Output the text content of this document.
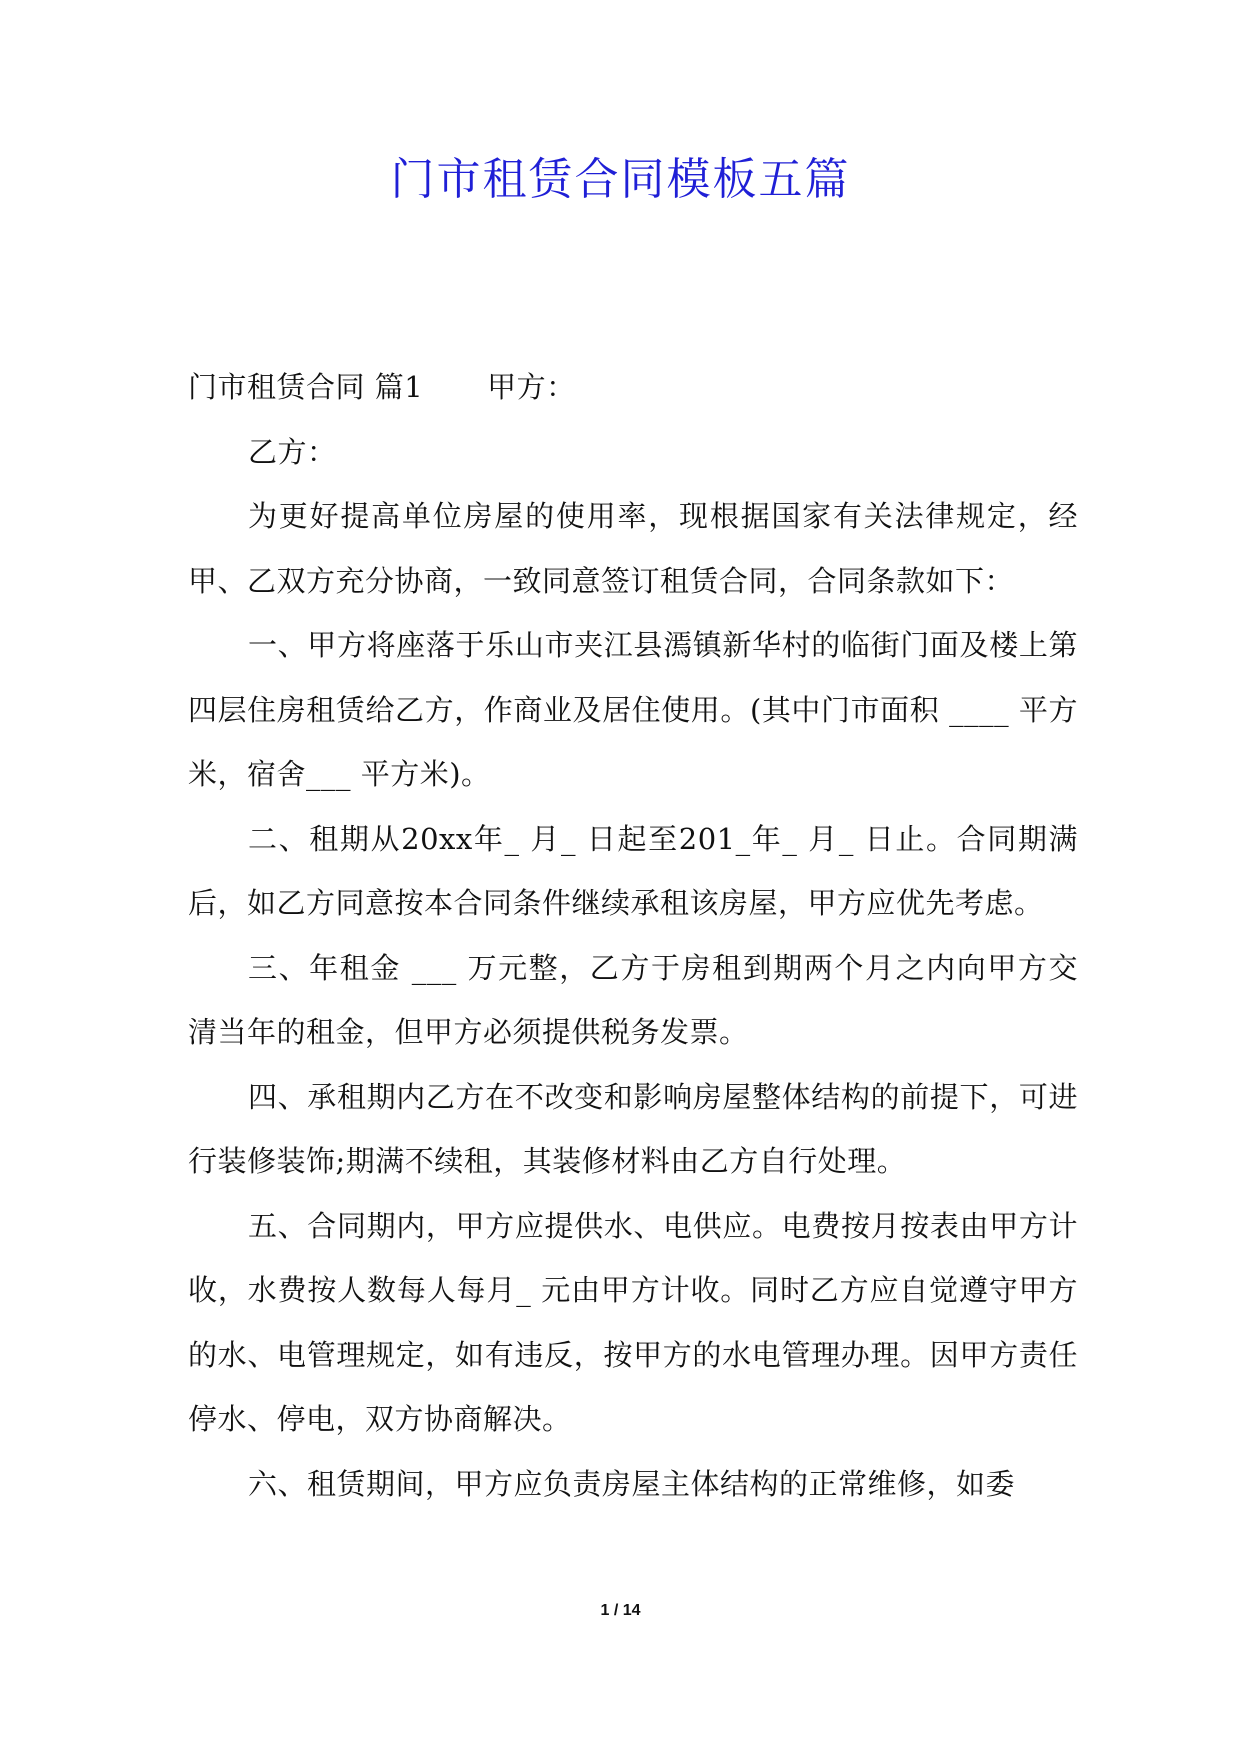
门市租赁合同模板五篇

门市租赁合同 篇1 甲方：

乙方：

为更好提高单位房屋的使用率，现根据国家有关法律规定，经甲、乙双方充分协商，一致同意签订租赁合同，合同条款如下：

一、甲方将座落于乐山市夹江县漹镇新华村的临街门面及楼上第四层住房租赁给乙方，作商业及居住使用。(其中门市面积 ____ 平方米，宿舍___ 平方米)。

二、租期从20xx年_ 月_ 日起至201_年_ 月_ 日止。合同期满后，如乙方同意按本合同条件继续承租该房屋，甲方应优先考虑。

三、年租金 ___ 万元整，乙方于房租到期两个月之内向甲方交清当年的租金，但甲方必须提供税务发票。

四、承租期内乙方在不改变和影响房屋整体结构的前提下，可进行装修装饰;期满不续租，其装修材料由乙方自行处理。

五、合同期内，甲方应提供水、电供应。电费按月按表由甲方计收，水费按人数每人每月_ 元由甲方计收。同时乙方应自觉遵守甲方的水、电管理规定，如有违反，按甲方的水电管理办理。因甲方责任停水、停电，双方协商解决。

六、租赁期间，甲方应负责房屋主体结构的正常维修，如委

1 / 14
